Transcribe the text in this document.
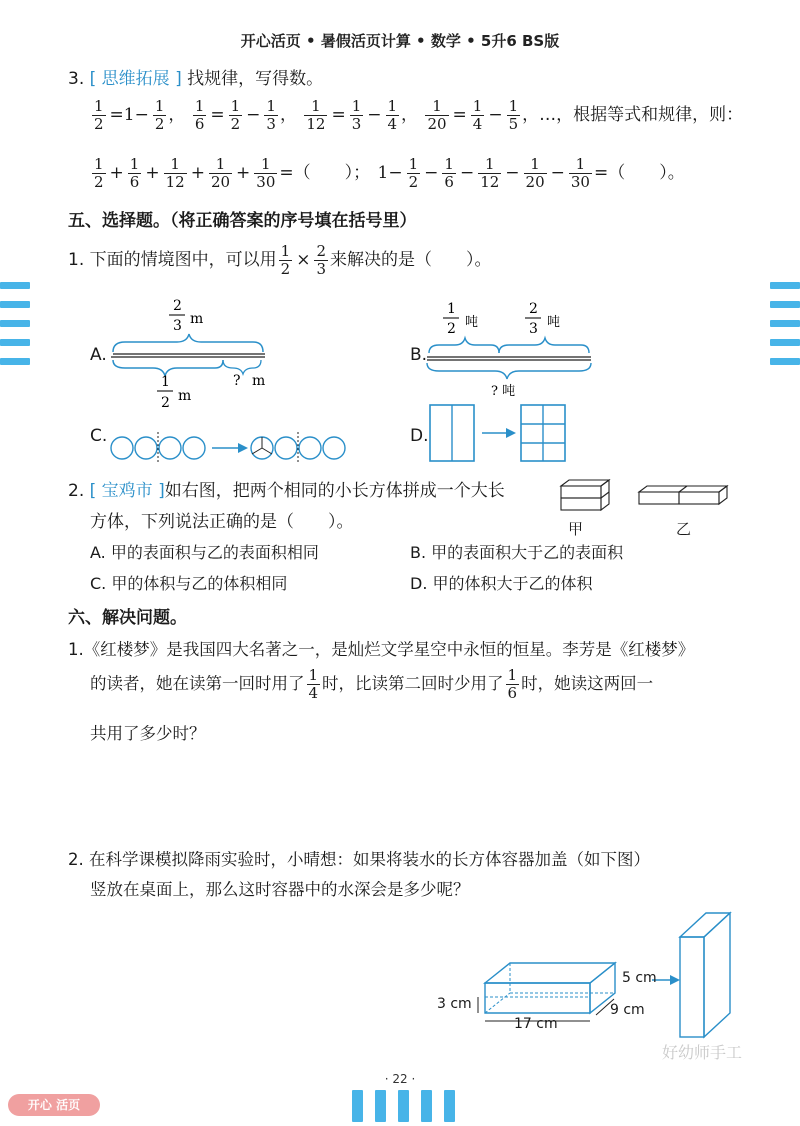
开心活页 • 暑假活页计算 • 数学 • 5升6 BS版
3. [ 思维拓展 ] 找规律，写得数。
$\frac{1}{2} =1- \frac{1}{2}$ ， $\frac{1}{6} = \frac{1}{2} - \frac{1}{3}$ ， $\frac{1}{12} = \frac{1}{3} - \frac{1}{4}$ ， $\frac{1}{20} = \frac{1}{4} - \frac{1}{5}$ ，…，根据等式和规律，则：
$\frac{1}{2} + \frac{1}{6} + \frac{1}{12} + \frac{1}{20} + \frac{1}{30}$ =（　　）； $1- \frac{1}{2} - \frac{1}{6} - \frac{1}{12} - \frac{1}{20} - \frac{1}{30}$ =（　　）。
五、选择题。（将正确答案的序号填在括号里）
1. 下面的情境图中，可以用 $\frac{1}{2} \times \frac{2}{3}$ 来解决的是（　　）。
A.
2
3 m
1
2 m
? m
B.
1
2 吨
2
3 吨
? 吨
C.	D.
2. [ 宝鸡市 ]如右图，把两个相同的小长方体拼成一个大长
方体，下列说法正确的是（　　）。	甲	乙
A. 甲的表面积与乙的表面积相同	B. 甲的表面积大于乙的表面积
C. 甲的体积与乙的体积相同	D. 甲的体积大于乙的体积
六、解决问题。
1.《红楼梦》是我国四大名著之一，是灿烂文学星空中永恒的恒星。李芳是《红楼梦》
的读者，她在读第一回时用了 $\frac{1}{4}$ 时，比读第二回时少用了 $\frac{1}{6}$ 时，她读这两回一
共用了多少时？
2. 在科学课模拟降雨实验时，小晴想：如果将装水的长方体容器加盖（如下图）
竖放在桌面上，那么这时容器中的水深会是多少呢？
3 cm
17 cm
9 cm
5 cm
好幼师手工
· 22 ·
开心 活页
